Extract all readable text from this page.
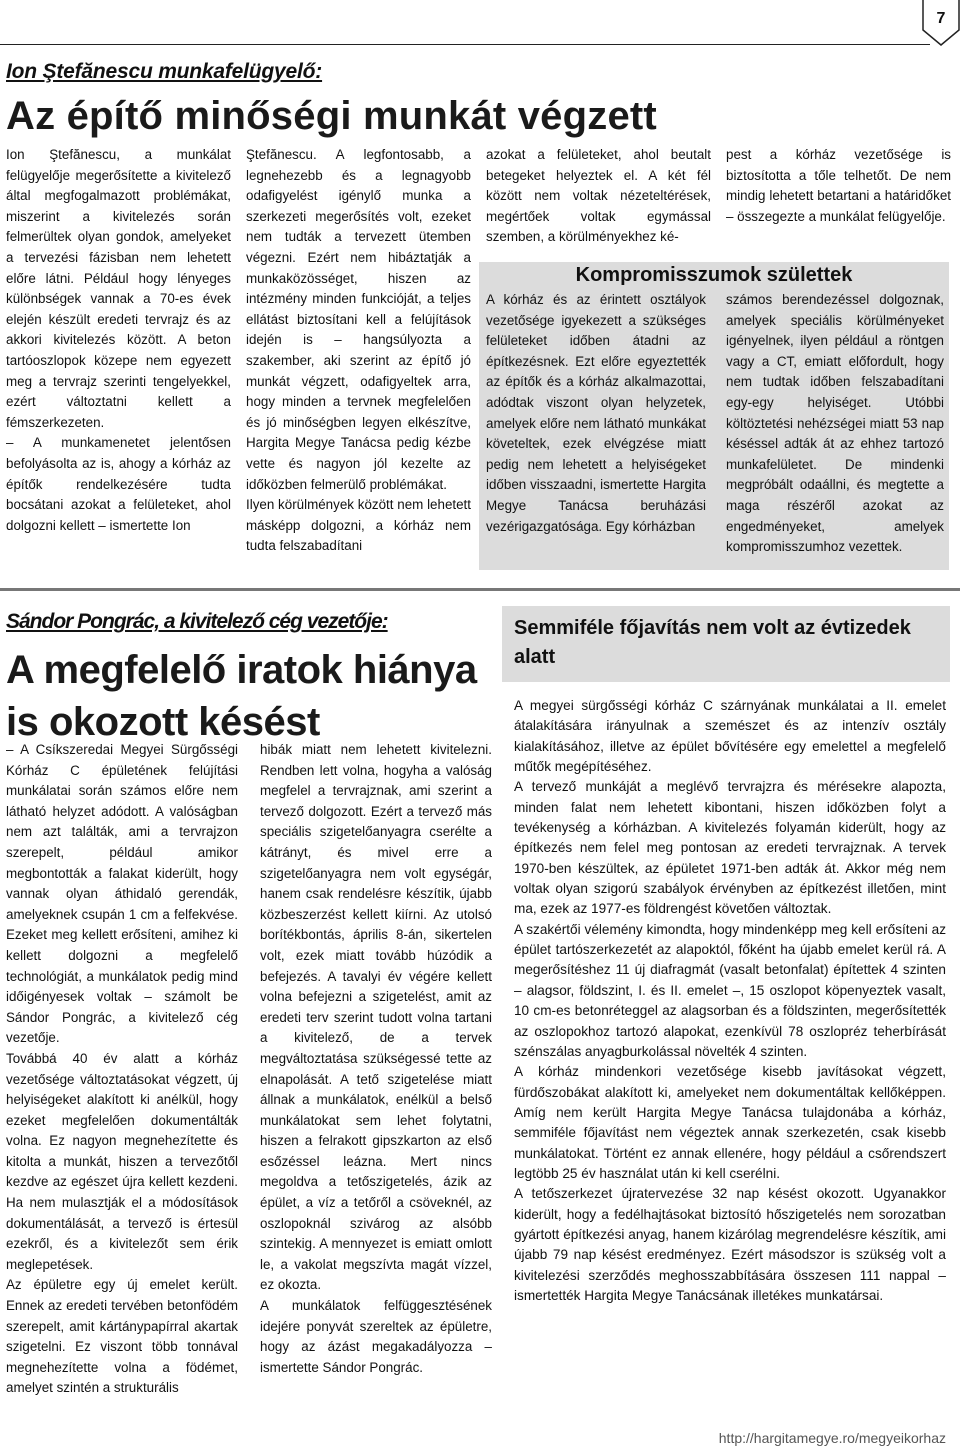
7
Ion Ştefănescu munkafelügyelő:
Az építő minőségi munkát végzett

Ion Ştefănescu, a munkálat felügyelője megerősítette a kivitelező által megfogalmazott problémákat, miszerint a kivitelezés során felmerültek olyan gondok, amelyeket a tervezési fázisban nem lehetett előre látni. Például hogy lényeges különbségek vannak a 70-es évek elején készült eredeti tervrajz és az akkori kivitelezés között. A beton tartóoszlopok közepe nem egyezett meg a tervrajz szerinti tengelyekkel, ezért változtatni kellett a fémszerkezeten.

– A munkamenetet jelentősen befolyásolta az is, ahogy a kórház az építők rendelkezésére tudta bocsátani azokat a felületeket, ahol dolgozni kellett – ismertette Ion

Ştefănescu. A legfontosabb, a legnehezebb és a legnagyobb odafigyelést igénylő munka a szerkezeti megerősítés volt, ezeket nem tudták a tervezett ütemben végezni. Ezért nem hibáztatják a munkaközösséget, hiszen az intézmény minden funkcióját, a teljes ellátást biztosítani kell a felújítások idején is – hangsúlyozta a szakember, aki szerint az építő jó munkát végzett, odafigyeltek arra, hogy minden a tervnek megfelelően és jó minőségben legyen elkészítve, Hargita Megye Tanácsa pedig kézbe vette és nagyon jól kezelte az időközben felmerülő problémákat.

Ilyen körülmények között nem lehetett másképp dolgozni, a kórház nem tudta felszabadítani

azokat a felületeket, ahol beutalt betegeket helyeztek el. A két fél között nem voltak nézeteltérések, megértőek voltak egymással szemben, a körülményekhez ké-

pest a kórház vezetősége is biztosította a tőle telhetőt. De nem mindig lehetett betartani a határidőket – összegezte a munkálat felügyelője.

Kompromisszumok születtek

A kórház és az érintett osztályok vezetősége igyekezett a szükséges felületeket időben átadni az építkezésnek. Ezt előre egyeztették az építők és a kórház alkalmazottai, adódtak viszont olyan helyzetek, amelyek előre nem látható munkákat követeltek, ezek elvégzése miatt pedig nem lehetett a helyiségeket időben visszaadni, ismertette Hargita Megye Tanácsa beruházási vezérigazgatósága. Egy kórházban

számos berendezéssel dolgoznak, amelyek speciális körülményeket igényelnek, ilyen például a röntgen vagy a CT, emiatt előfordult, hogy nem tudtak időben felszabadítani egy-egy helyiséget. Utóbbi költöztetési nehézségei miatt 53 nap késéssel adták át az ehhez tartozó munkafelületet. De mindenki megpróbált odaállni, és megtette a maga részéről azokat az engedményeket, amelyek kompromisszumhoz vezettek.

Sándor Pongrác, a kivitelező cég vezetője:
A megfelelő iratok hiánya is okozott késést

– A Csíkszeredai Megyei Sürgősségi Kórház C épületének felújítási munkálatai során számos előre nem látható helyzet adódott. A valóságban nem azt találták, ami a tervrajzon szerepelt, például amikor megbontották a falakat kiderült, hogy vannak olyan áthidaló gerendák, amelyeknek csupán 1 cm a felfekvése. Ezeket meg kellett erősíteni, amihez ki kellett dolgozni a megfelelő technológiát, a munkálatok pedig mind időigényesek voltak – számolt be Sándor Pongrác, a kivitelező cég vezetője.

Továbbá 40 év alatt a kórház vezetősége változtatásokat végzett, új helyiségeket alakított ki anélkül, hogy ezeket megfelelően dokumentálták volna. Ez nagyon megnehezítette és kitolta a munkát, hiszen a tervezőtől kezdve az egészet újra kellett kezdeni. Ha nem mulasztják el a módosítások dokumentálását, a tervező is értesül ezekről, és a kivitelezőt sem érik meglepetések.

Az épületre egy új emelet került. Ennek az eredeti tervében betonfödém szerepelt, amit kártánypapírral akartak szigetelni. Ez viszont több tonnával megnehezítette volna a födémet, amelyet szintén a strukturális

hibák miatt nem lehetett kivitelezni. Rendben lett volna, hogyha a valóság megfelel a tervrajznak, ami szerint a tervező dolgozott. Ezért a tervező más speciális szigetelőanyagra cserélte a kátrányt, és mivel erre a szigetelőanyagra nem volt egységár, hanem csak rendelésre készítik, újabb közbeszerzést kellett kiírni. Az utolsó borítékbontás, április 8-án, sikertelen volt, ezek miatt tovább húzódik a befejezés. A tavalyi év végére kellett volna befejezni a szigetelést, amit az eredeti terv szerint tudott volna tartani a kivitelező, de a tervek megváltoztatása szükségessé tette az elnapolását. A tető szigetelése miatt állnak a munkálatok, enélkül a belső munkálatokat sem lehet folytatni, hiszen a felrakott gipszkarton az első esőzéssel leázna. Mert nincs megoldva a tetőszigetelés, ázik az épület, a víz a tetőről a csöveknél, az oszlopoknál szivárog az alsóbb szintekig. A mennyezet is emiatt omlott le, a vakolat megszívta magát vízzel, ez okozta.

A munkálatok felfüggesztésének idejére ponyvát szereltek az épületre, hogy az ázást megakadályozza – ismertette Sándor Pongrác.

Semmiféle főjavítás nem volt az évtizedek alatt

A megyei sürgősségi kórház C szárnyának munkálatai a II. emelet átalakítására irányulnak a szemészet és az intenzív osztály kialakításához, illetve az épület bővítésére egy emelettel a megfelelő műtők megépítéséhez.

A tervező munkáját a meglévő tervrajzra és mérésekre alapozta, minden falat nem lehetett kibontani, hiszen időközben folyt a tevékenység a kórházban. A kivitelezés folyamán kiderült, hogy az építkezés nem felel meg pontosan az eredeti tervrajznak. A tervek 1970-ben készültek, az épületet 1971-ben adták át. Akkor még nem voltak olyan szigorú szabályok érvényben az építkezést illetően, mint ma, ezek az 1977-es földrengést követően változtak.

A szakértői vélemény kimondta, hogy mindenképp meg kell erősíteni az épület tartószerkezetét az alapoktól, főként ha újabb emelet kerül rá. A megerősítéshez 11 új diafragmát (vasalt betonfalat) építettek 4 szinten – alagsor, földszint, I. és II. emelet –, 15 oszlopot köpenyeztek vasalt, 10 cm-es betonréteggel az alagsorban és a földszinten, megerősítették az oszlopokhoz tartozó alapokat, ezenkívül 78 oszlopréz teherbírását szénszálas anyagburkolással növelték 4 szinten.

A kórház mindenkori vezetősége kisebb javításokat végzett, fürdőszobákat alakított ki, amelyeket nem dokumentáltak kellőképpen. Amíg nem került Hargita Megye Tanácsa tulajdonába a kórház, semmiféle főjavítást nem végeztek annak szerkezetén, csak kisebb munkálatokat. Történt ez annak ellenére, hogy például a csőrendszert legtöbb 25 év használat után ki kell cserélni.

A tetőszerkezet újratervezése 32 nap késést okozott. Ugyanakkor kiderült, hogy a fedélhajtásokat biztosító hőszigetelés nem sorozatban gyártott építkezési anyag, hanem kizárólag megrendelésre készítik, ami újabb 79 nap késést eredményez. Ezért másodszor is szükség volt a kivitelezési szerződés meghosszabbítására összesen 111 nappal – ismertették Hargita Megye Tanácsának illetékes munkatársai.

http://hargitamegye.ro/megyeikorhaz
